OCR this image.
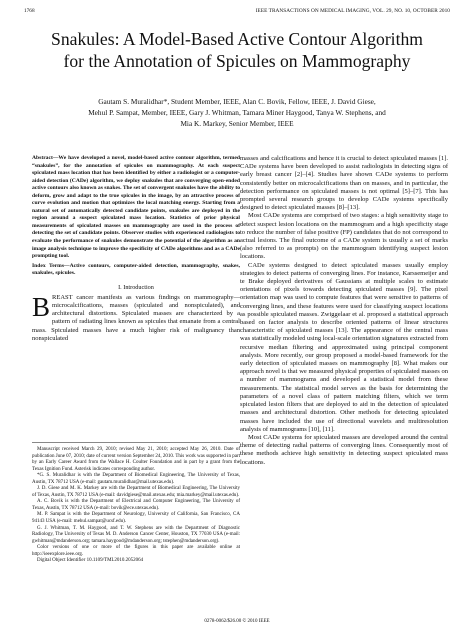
1768	IEEE TRANSACTIONS ON MEDICAL IMAGING, VOL. 29, NO. 10, OCTOBER 2010
Snakules: A Model-Based Active Contour Algorithm
for the Annotation of Spicules on Mammography
Gautam S. Muralidhar*, Student Member, IEEE, Alan C. Bovik, Fellow, IEEE, J. David Giese,
Mehul P. Sampat, Member, IEEE, Gary J. Whitman, Tamara Miner Haygood, Tanya W. Stephens, and
Mia K. Markey, Senior Member, IEEE

Abstract—We have developed a novel, model-based active contour algorithm, termed “snakules”, for the annotation of spicules on mammography. At each suspect spiculated mass location that has been identified by either a radiologist or a computer-aided detection (CADe) algorithm, we deploy snakules that are converging open-ended active contours also known as snakes. The set of convergent snakules have the ability to deform, grow and adapt to the true spicules in the image, by an attractive process of curve evolution and motion that optimizes the local matching energy. Starting from a natural set of automatically detected candidate points, snakules are deployed in the region around a suspect spiculated mass location. Statistics of prior physical measurements of spiculated masses on mammography are used in the process of detecting the set of candidate points. Observer studies with experienced radiologists to evaluate the performance of snakules demonstrate the potential of the algorithm as an image analysis technique to improve the specificity of CADe algorithms and as a CADe prompting tool.

Index Terms—Active contours, computer-aided detection, mammography, snakes, snakules, spicules.

I. Introduction

BREAST cancer manifests as various findings on mammography—microcalcifications, masses (spiculated and nonspiculated), and architectural distortions. Spiculated masses are characterized by a pattern of radiating lines known as spicules that emanate from a central mass. Spiculated masses have a much higher risk of malignancy than nonspiculated

Manuscript received March 29, 2010; revised May 21, 2010; accepted May 26, 2010. Date of publication June 07, 2010; date of current version September 24, 2010. This work was supported in part by an Early Career Award from the Wallace H. Coulter Foundation and in part by a grant from the Texas Ignition Fund. Asterisk indicates corresponding author.

*G. S. Muralidhar is with the Department of Biomedical Engineering, The University of Texas, Austin, TX 78712 USA (e-mail: gautam.muralidhar@mail.utexas.edu).

J. D. Giese and M. K. Markey are with the Department of Biomedical Engineering, The University of Texas, Austin, TX 78712 USA (e-mail: davidgiese@mail.utexas.edu; mia.markey@mail.utexas.edu).

A. C. Bovik is with the Department of Electrical and Computer Engineering, The University of Texas, Austin, TX 78712 USA (e-mail: bovik@ece.utexas.edu).

M. P. Sampat is with the Department of Neurology, University of California, San Francisco, CA 94143 USA (e-mail: mehul.sampat@ucsf.edu).

G. J. Whitman, T. M. Haygood, and T. W. Stephens are with the Department of Diagnostic Radiology, The University of Texas M. D. Anderson Cancer Center, Houston, TX 77030 USA (e-mail: gwhitman@mdanderson.org; tamara.haygood@mdanderson.org; tstephen@mdanderson.org).

Color versions of one or more of the figures in this paper are available online at http://ieeexplore.ieee.org.

Digital Object Identifier 10.1109/TMI.2010.2052064

masses and calcifications and hence it is crucial to detect spiculated masses [1]. CADe systems have been developed to assist radiologists in detecting signs of early breast cancer [2]–[4]. Studies have shown CADe systems to perform consistently better on microcalcifications than on masses, and in particular, the detection performance on spiculated masses is not optimal [5]–[7]. This has prompted several research groups to develop CADe systems specifically designed to detect spiculated masses [8]–[13].

Most CADe systems are comprised of two stages: a high sensitivity stage to detect suspect lesion locations on the mammogram and a high specificity stage to reduce the number of false positive (FP) candidates that do not correspond to actual lesions. The final outcome of a CADe system is usually a set of marks (also referred to as prompts) on the mammogram identifying suspect lesion locations.

CADe systems designed to detect spiculated masses usually employ strategies to detect patterns of converging lines. For instance, Karssemeijer and te Brake deployed derivatives of Gaussians at multiple scales to estimate orientations of pixels towards detecting spiculated masses [9]. The pixel orientation map was used to compute features that were sensitive to patterns of converging lines, and these features were used for classifying suspect locations as possible spiculated masses. Zwiggelaar et al. proposed a statistical approach based on factor analysis to describe oriented patterns of linear structures characteristic of spiculated masses [13]. The appearance of the central mass was statistically modeled using local-scale orientation signatures extracted from recursive median filtering and approximated using principal component analysis. More recently, our group proposed a model-based framework for the early detection of spiculated masses on mammography [8]. What makes our approach novel is that we measured physical properties of spiculated masses on a number of mammograms and developed a statistical model from these measurements. The statistical model serves as the basis for determining the parameters of a novel class of pattern matching filters, which we term spiculated lesion filters that are deployed to aid in the detection of spiculated masses and architectural distortion. Other methods for detecting spiculated masses have included the use of directional wavelets and multiresolution analysis of mammograms [10], [11].

Most CADe systems for spiculated masses are developed around the central theme of detecting radial patterns of converging lines. Consequently most of these methods achieve high sensitivity in detecting suspect spiculated mass locations.

0278-0062/$26.00 © 2010 IEEE
